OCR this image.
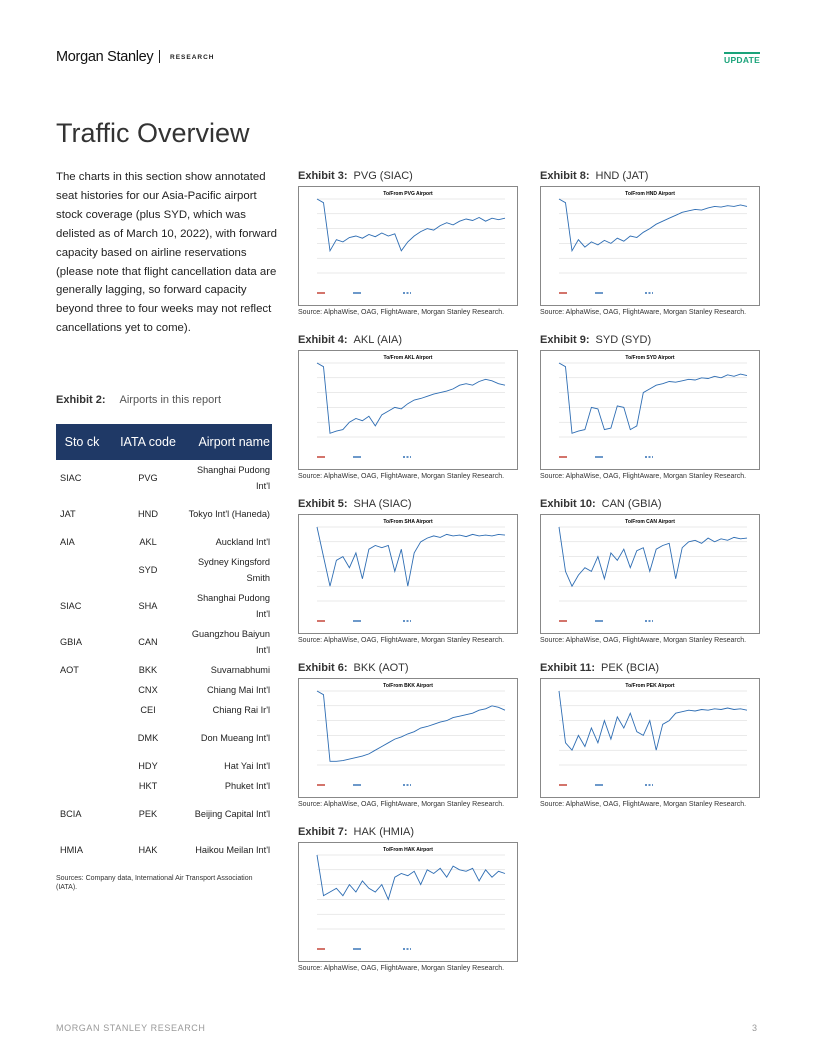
Morgan Stanley	RESEARCH	UPDATE
Traffic Overview
The charts in this section show annotated seat histories for our Asia-Pacific airport stock coverage (plus SYD, which was delisted as of March 10, 2022), with forward capacity based on airline reservations (please note that flight cancellation data are generally lagging, so forward capacity beyond three to four weeks may not reflect cancellations yet to come).
Exhibit 2: Airports in this report
Sto ck	IATA code	Airport name
SIAC	PVG	Shanghai Pudong Int'l
JAT	HND	Tokyo Int'l (Haneda)
AIA	AKL	Auckland Int'l
	SYD	Sydney Kingsford Smith
SIAC	SHA	Shanghai Pudong Int'l
GBIA	CAN	Guangzhou Baiyun Int'l
AOT	BKK	Suvarnabhumi
	CNX	Chiang Mai Int'l
	CEI	Chiang Rai Ir'l
	DMK	Don Mueang Int'l
	HDY	Hat Yai Int'l
	HKT	Phuket Int'l
BCIA	PEK	Beijing Capital Int'l
HMIA	HAK	Haikou Meilan Int'l
Sources: Company data, International Air Transport Association (IATA).
Exhibit 3: PVG (SIAC)
To/From PVG Airport
Source: AlphaWise, OAG, FlightAware, Morgan Stanley Research.
Exhibit 8: HND (JAT)
To/From HND Airport
Source: AlphaWise, OAG, FlightAware, Morgan Stanley Research.
Exhibit 4: AKL (AIA)
To/From AKL Airport
Source: AlphaWise, OAG, FlightAware, Morgan Stanley Research.
Exhibit 9: SYD (SYD)
To/From SYD Airport
Source: AlphaWise, OAG, FlightAware, Morgan Stanley Research.
Exhibit 5: SHA (SIAC)
To/From SHA Airport
Source: AlphaWise, OAG, FlightAware, Morgan Stanley Research.
Exhibit 10: CAN (GBIA)
To/From CAN Airport
Source: AlphaWise, OAG, FlightAware, Morgan Stanley Research.
Exhibit 6: BKK (AOT)
To/From BKK Airport
Source: AlphaWise, OAG, FlightAware, Morgan Stanley Research.
Exhibit 11: PEK (BCIA)
To/From PEK Airport
Source: AlphaWise, OAG, FlightAware, Morgan Stanley Research.
Exhibit 7: HAK (HMIA)
To/From HAK Airport
Source: AlphaWise, OAG, FlightAware, Morgan Stanley Research.
MORGAN STANLEY RESEARCH	3
